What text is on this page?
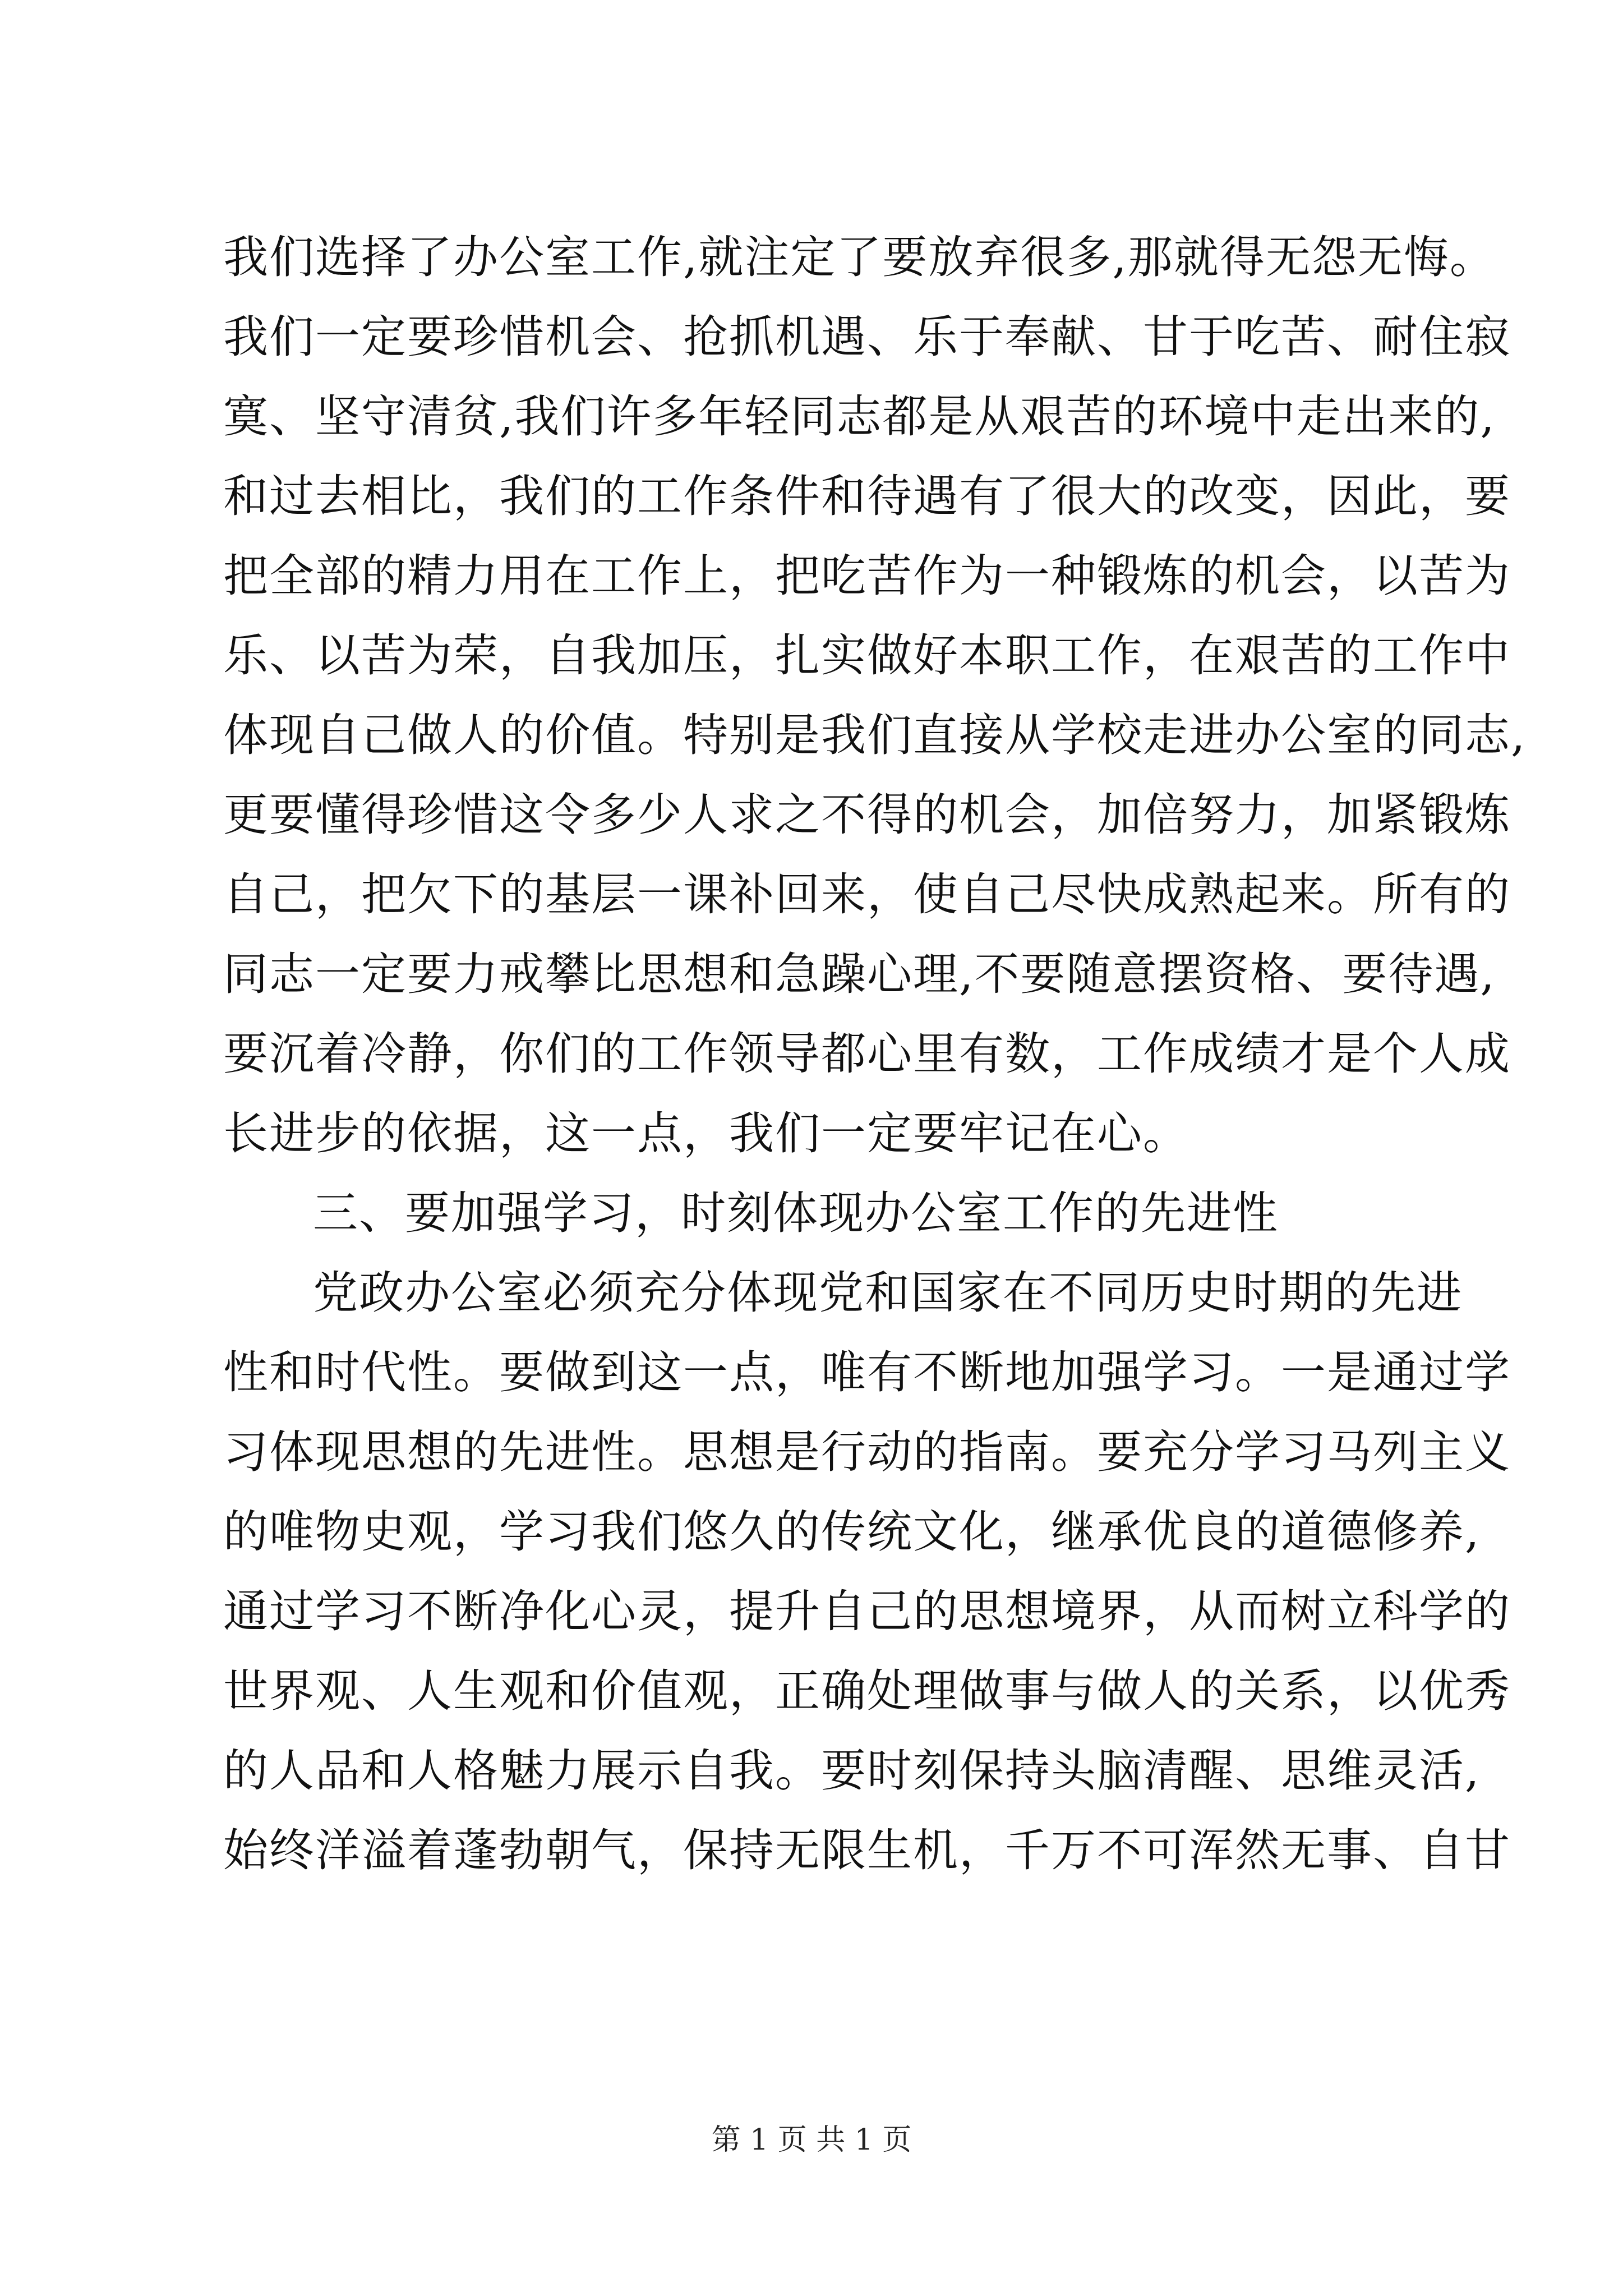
我们选择了办公室工作,就注定了要放弃很多,那就得无怨无悔。
我们一定要珍惜机会、抢抓机遇、乐于奉献、甘于吃苦、耐住寂
寞、坚守清贫,我们许多年轻同志都是从艰苦的环境中走出来的,
和过去相比，我们的工作条件和待遇有了很大的改变，因此，要
把全部的精力用在工作上，把吃苦作为一种锻炼的机会，以苦为
乐、以苦为荣，自我加压，扎实做好本职工作，在艰苦的工作中
体现自己做人的价值。特别是我们直接从学校走进办公室的同志,
更要懂得珍惜这令多少人求之不得的机会，加倍努力，加紧锻炼
自己，把欠下的基层一课补回来，使自己尽快成熟起来。所有的
同志一定要力戒攀比思想和急躁心理,不要随意摆资格、要待遇,
要沉着冷静，你们的工作领导都心里有数，工作成绩才是个人成
长进步的依据，这一点，我们一定要牢记在心。
三、要加强学习，时刻体现办公室工作的先进性
党政办公室必须充分体现党和国家在不同历史时期的先进
性和时代性。要做到这一点，唯有不断地加强学习。一是通过学
习体现思想的先进性。思想是行动的指南。要充分学习马列主义
的唯物史观，学习我们悠久的传统文化，继承优良的道德修养,
通过学习不断净化心灵，提升自己的思想境界，从而树立科学的
世界观、人生观和价值观，正确处理做事与做人的关系，以优秀
的人品和人格魅力展示自我。要时刻保持头脑清醒、思维灵活,
始终洋溢着蓬勃朝气，保持无限生机，千万不可浑然无事、自甘
第 1 页 共 1 页
